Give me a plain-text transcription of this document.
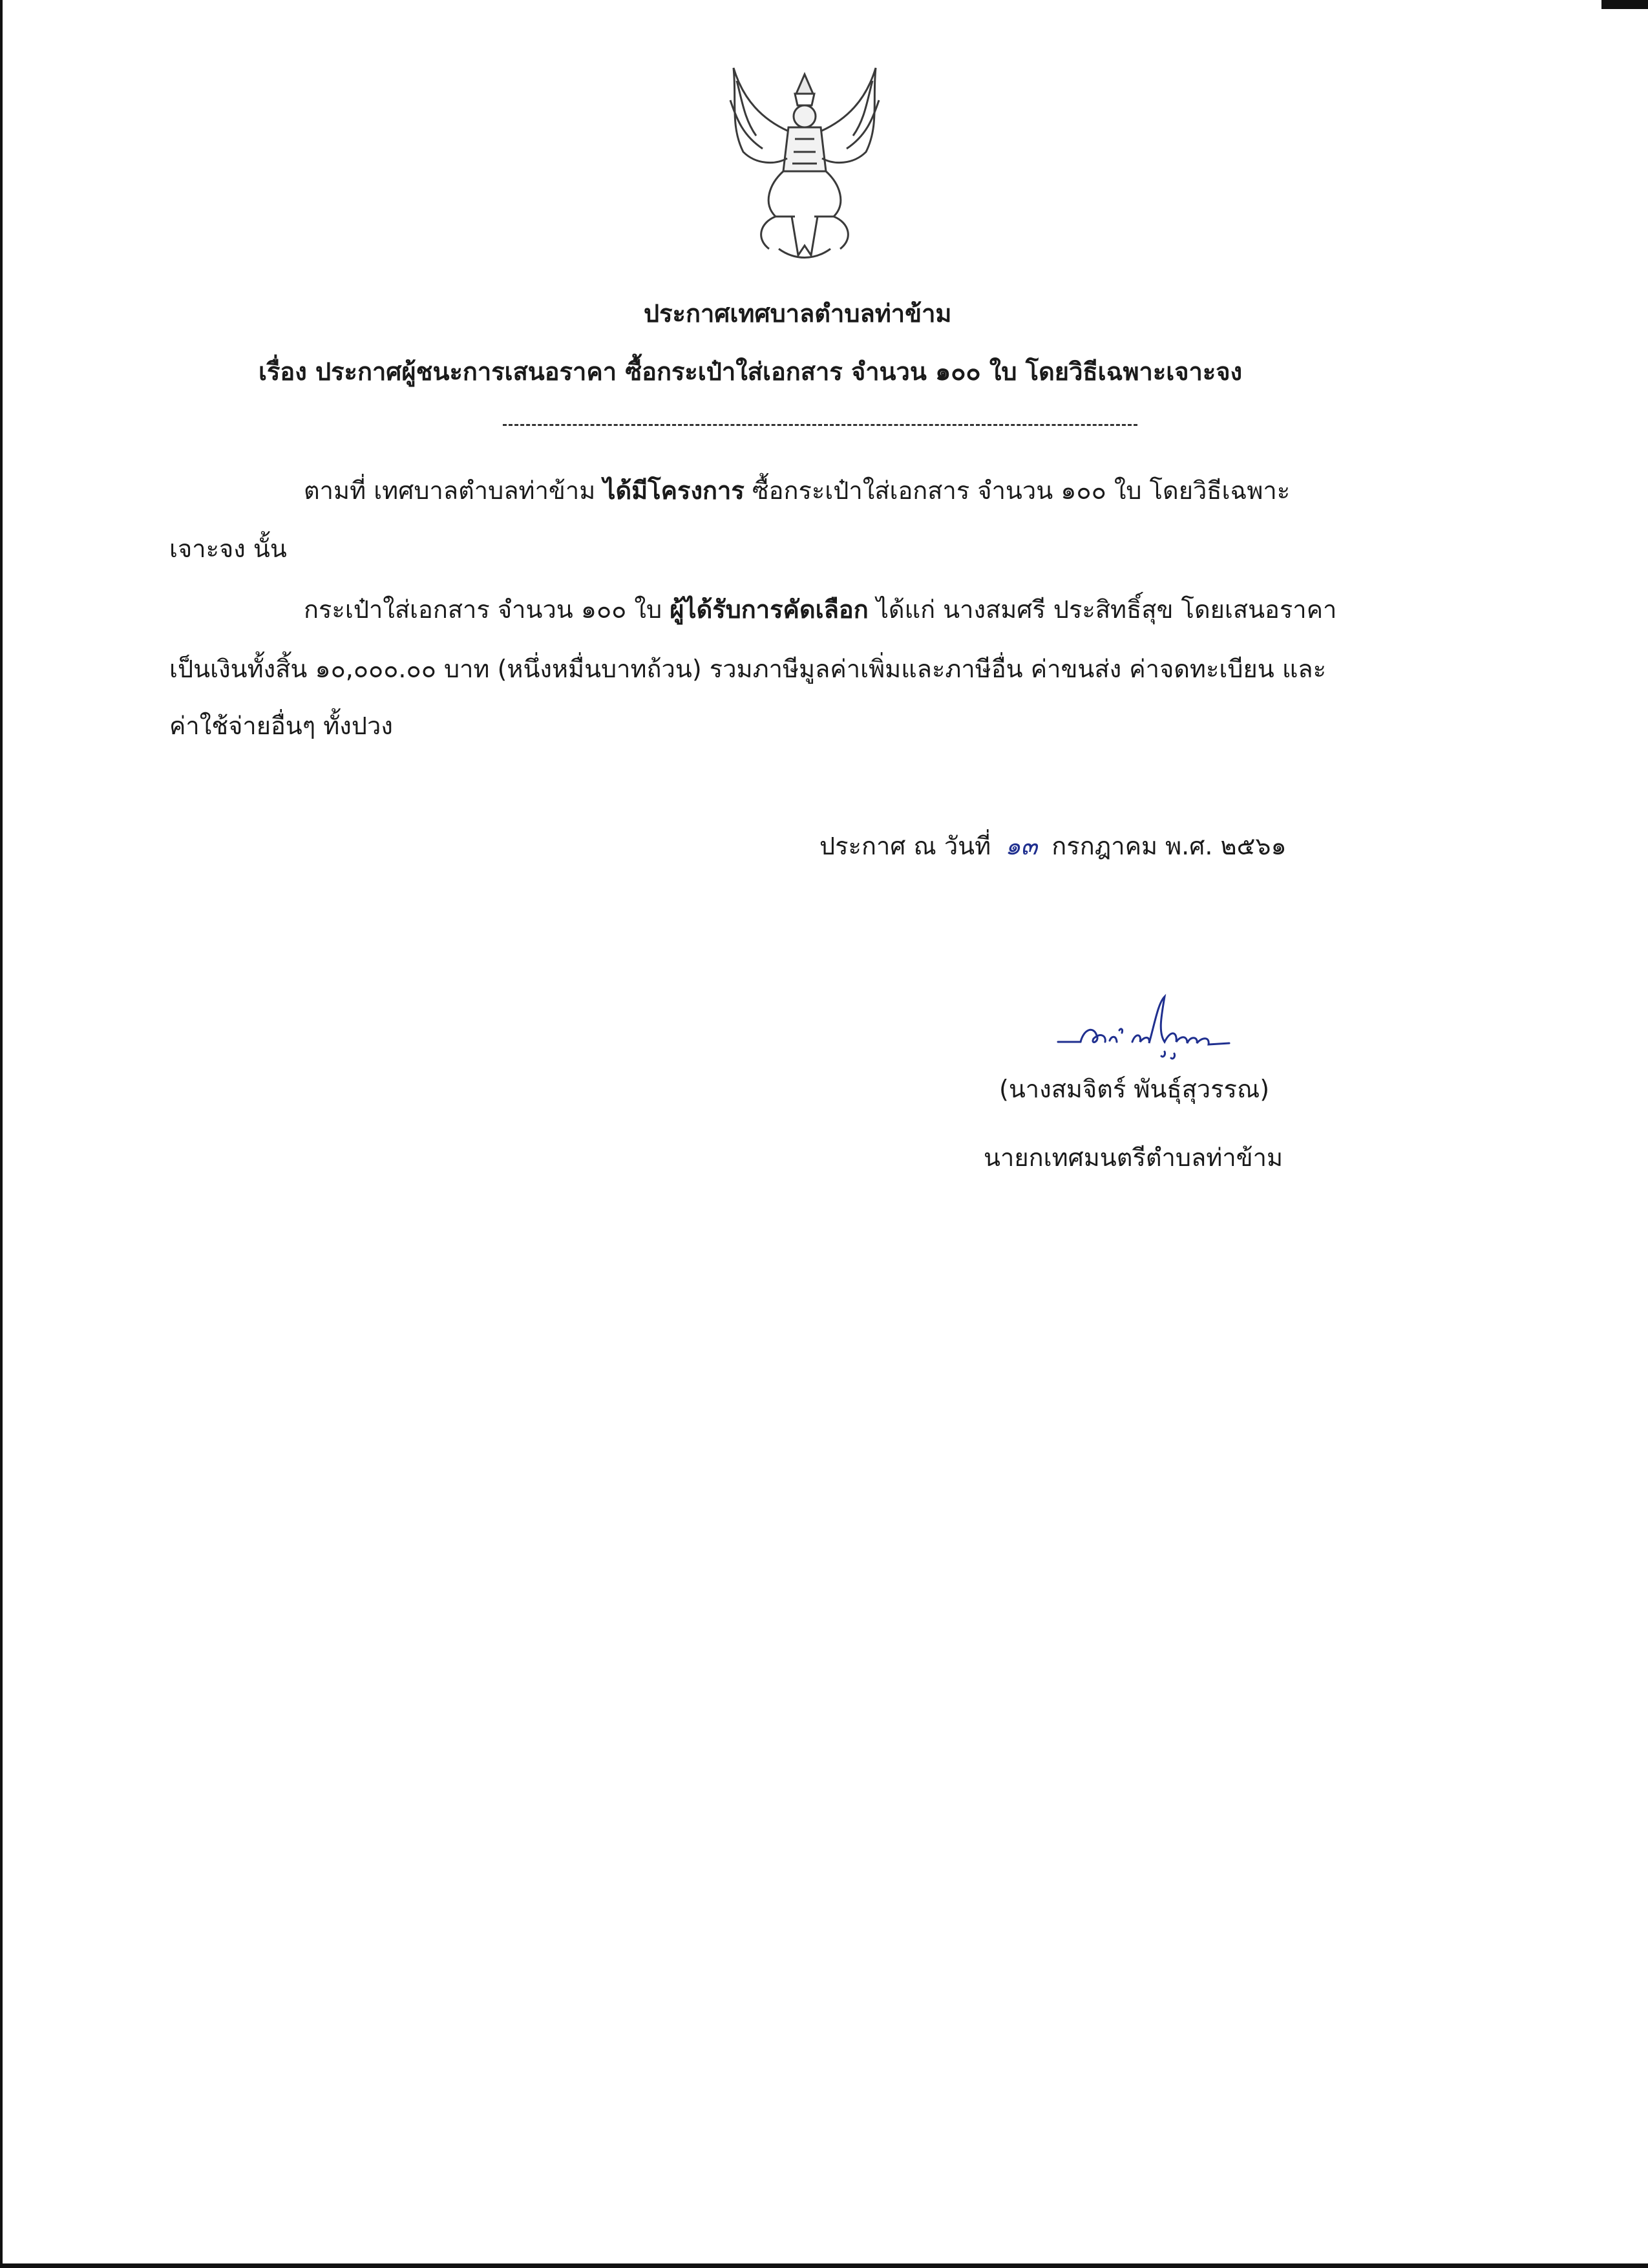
ประกาศเทศบาลตำบลท่าข้าม
เรื่อง ประกาศผู้ชนะการเสนอราคา ซื้อกระเป๋าใส่เอกสาร จำนวน ๑๐๐ ใบ โดยวิธีเฉพาะเจาะจง
ตามที่ เทศบาลตำบลท่าข้าม ได้มีโครงการ ซื้อกระเป๋าใส่เอกสาร จำนวน ๑๐๐ ใบ โดยวิธีเฉพาะ
เจาะจง นั้น
กระเป๋าใส่เอกสาร จำนวน ๑๐๐ ใบ ผู้ได้รับการคัดเลือก ได้แก่ นางสมศรี ประสิทธิ์สุข โดยเสนอราคา
เป็นเงินทั้งสิ้น ๑๐,๐๐๐.๐๐ บาท (หนึ่งหมื่นบาทถ้วน) รวมภาษีมูลค่าเพิ่มและภาษีอื่น ค่าขนส่ง ค่าจดทะเบียน และ
ค่าใช้จ่ายอื่นๆ ทั้งปวง
ประกาศ ณ วันที่ ๑๓ กรกฎาคม พ.ศ. ๒๕๖๑
(นางสมจิตร์ พันธุ์สุวรรณ)
นายกเทศมนตรีตำบลท่าข้าม
